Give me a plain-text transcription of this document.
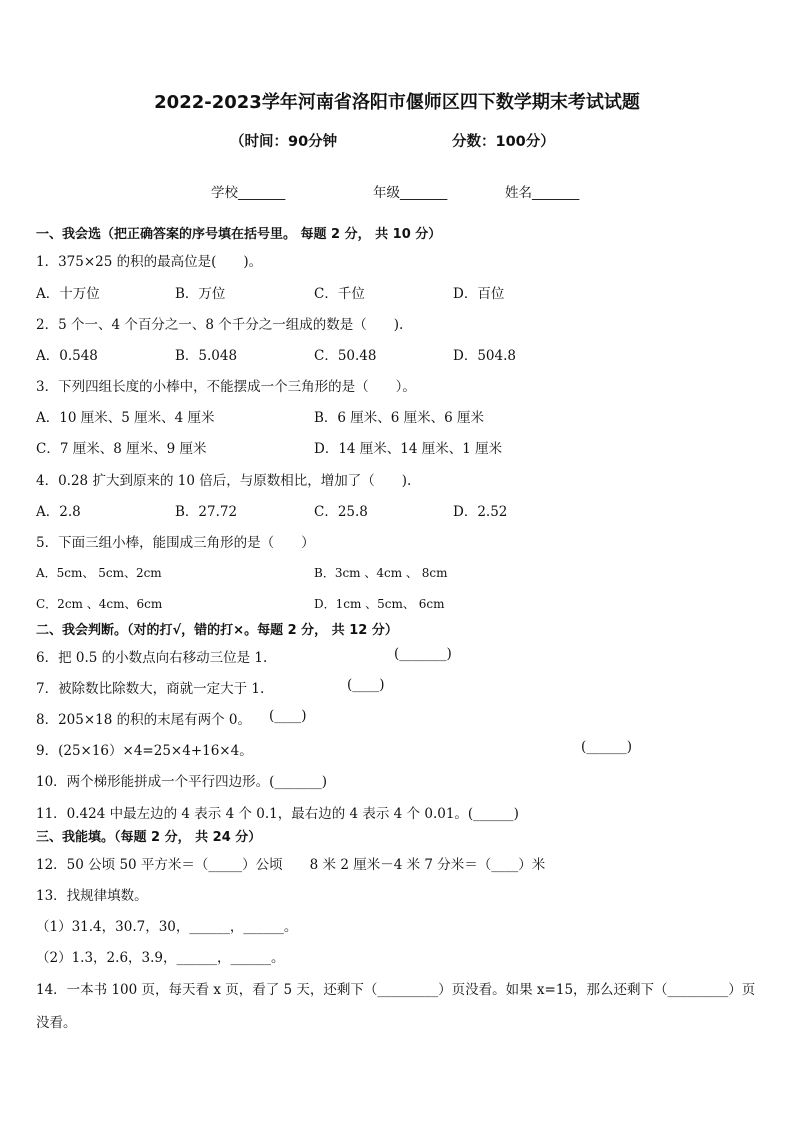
2022-2023学年河南省洛阳市偃师区四下数学期末考试试题
（时间：90分钟	分数：100分）
学校_______	年级_______	姓名_______
一、我会选（把正确答案的序号填在括号里。 每题 2 分， 共 10 分）
1．375×25 的积的最高位是(　　)。
A．十万位	B．万位	C．千位	D．百位
2．5 个一、4 个百分之一、8 个千分之一组成的数是（　　).
A．0.548	B．5.048	C．50.48	D．504.8
3．下列四组长度的小棒中，不能摆成一个三角形的是（　　）。
A．10 厘米、5 厘米、4 厘米	B．6 厘米、6 厘米、6 厘米
C．7 厘米、8 厘米、9 厘米	D．14 厘米、14 厘米、1 厘米
4．0.28 扩大到原来的 10 倍后，与原数相比，增加了（　　).
A．2.8	B．27.72	C．25.8	D．2.52
5．下面三组小棒，能围成三角形的是（　　）
A．5cm、 5cm、2cm	B．3cm 、4cm 、 8cm
C．2cm 、4cm、6cm	D．1cm 、5cm、 6cm
二、我会判断。（对的打√，错的打×。每题 2 分， 共 12 分）
6．把 0.5 的小数点向右移动三位是 1.	(_______)
7．被除数比除数大，商就一定大于 1.	(____)
8．205×18 的积的末尾有两个 0。 (____)
9．(25×16）×4=25×4+16×4。	(______)
10．两个梯形能拼成一个平行四边形。(_______)
11．0.424 中最左边的 4 表示 4 个 0.1，最右边的 4 表示 4 个 0.01。(______)
三、我能填。（每题 2 分， 共 24 分）
12．50 公顷 50 平方米＝（_____）公顷　　8 米 2 厘米－4 米 7 分米＝（____）米
13．找规律填数。
（1）31.4，30.7，30，______，______。
（2）1.3，2.6，3.9，______，______。
14．一本书 100 页，每天看 x 页，看了 5 天，还剩下（_________）页没看。如果 x=15，那么还剩下（_________）页
没看。
